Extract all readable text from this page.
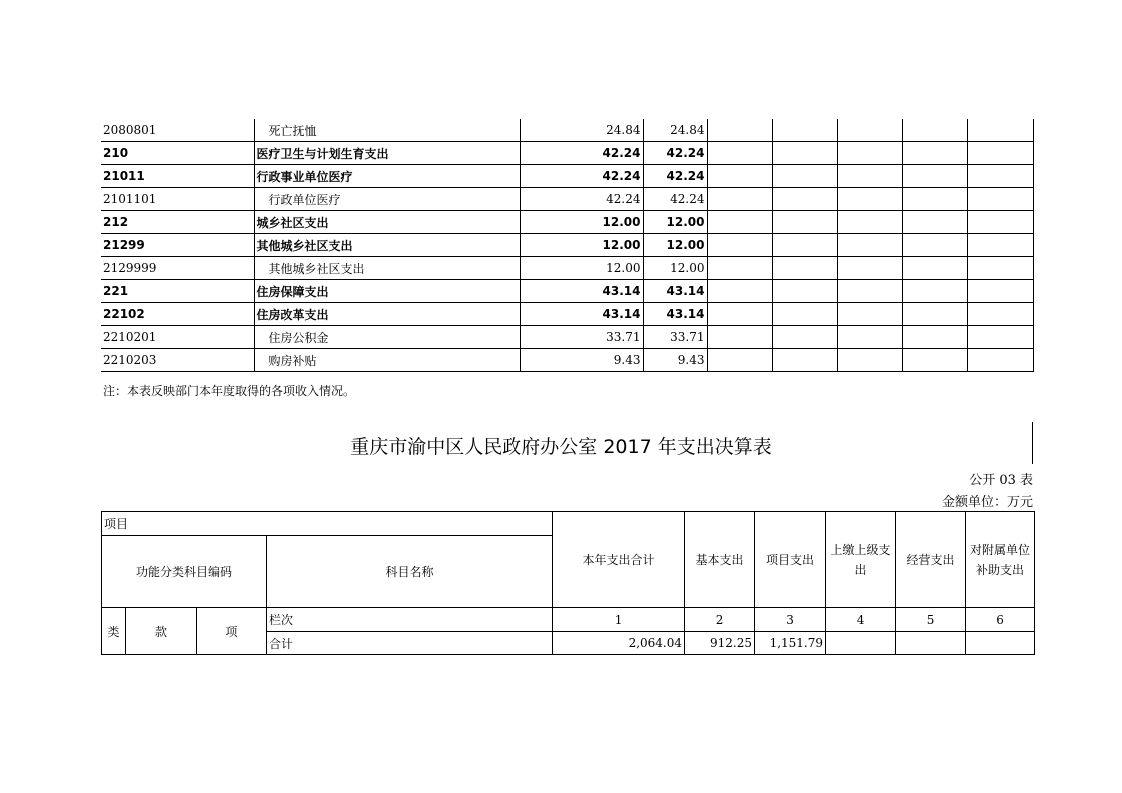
2080801	死亡抚恤	24.84	24.84					
210	医疗卫生与计划生育支出	42.24	42.24					
21011	行政事业单位医疗	42.24	42.24					
2101101	行政单位医疗	42.24	42.24					
212	城乡社区支出	12.00	12.00					
21299	其他城乡社区支出	12.00	12.00					
2129999	其他城乡社区支出	12.00	12.00					
221	住房保障支出	43.14	43.14					
22102	住房改革支出	43.14	43.14					
2210201	住房公积金	33.71	33.71					
2210203	购房补贴	9.43	9.43					
注：本表反映部门本年度取得的各项收入情况。
重庆市渝中区人民政府办公室 2017 年支出决算表
公开 03 表
金额单位：万元
项目				本年支出合计	基本支出	项目支出	上缴上级支出	经营支出	对附属单位补助支出
功能分类科目编码			科目名称						

类	款	项	栏次	1	2	3	4	5	6
			合计	2,064.04	912.25	1,151.79			
